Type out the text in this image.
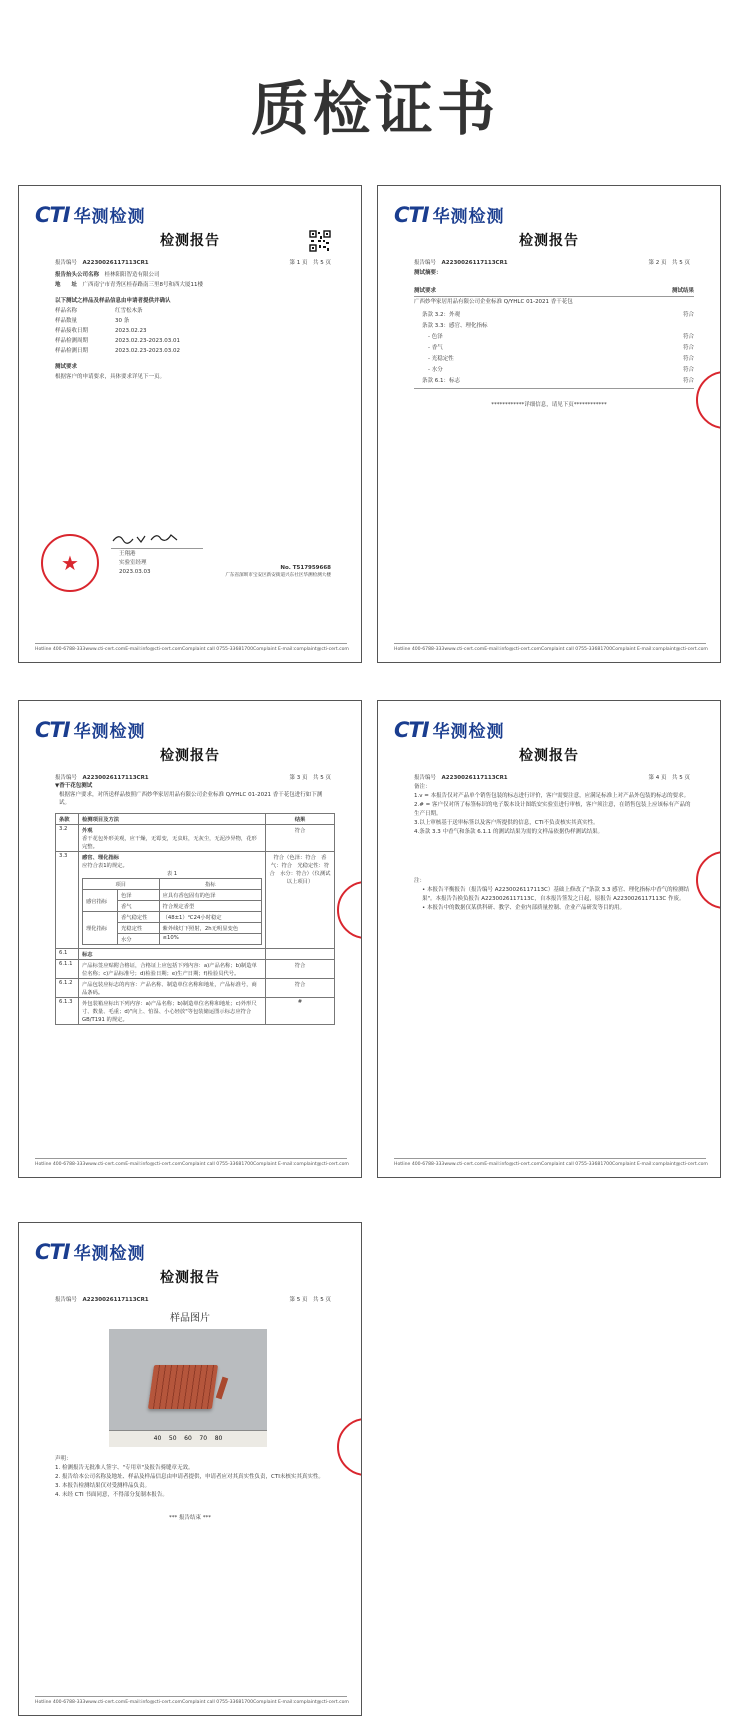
质检证书
CTI 华测检测
检测报告
报告编号　 A2230026117113CR1	第 1 页　 共 5 页
报告抬头公司名称　 桂林阳阳智造有限公司
地　　址　 广西南宁市青秀区桂春路南三里8号和西大厦11楼
以下测试之样品及样品信息由申请者提供并确认
样品名称	红雪松木条
样品数量	30 条
样品接收日期	2023.02.23
样品检测周期	2023.02.23-2023.03.01
样品检测日期	2023.02.23-2023.03.02
测试要求
根据客户的申请要求，具体要求详见下一页。
王翔港
实验室经理
2023.03.03
No. T517959668
广东省深圳市宝安区新安街道兴东社区华测检测大楼
★
Hotline 400-6788-333 www.cti-cert.com E-mail:info@cti-cert.com Complaint call 0755-33681700 Complaint E-mail:complaint@cti-cert.com
CTI 华测检测
检测报告
报告编号　 A2230026117113CR1	第 2 页　 共 5 页
测试摘要：
测试要求	测试结果
广西妙华家居用品有限公司企业标准 Q/YHLC 01-2021 香干花包
条款 3.2：外观	符合
条款 3.3：感官、理化指标
- 色泽	符合
- 香气	符合
- 光稳定性	符合
- 水分	符合
条款 6.1：标志	符合
************详细信息，请见下页************
Hotline 400-6788-333 www.cti-cert.com E-mail:info@cti-cert.com Complaint call 0755-33681700 Complaint E-mail:complaint@cti-cert.com
CTI 华测检测
检测报告
报告编号　 A2230026117113CR1	第 3 页　 共 5 页
▼香干花包测试
根据客户要求，对所送样品按照广西妙华家居用品有限公司企业标准 Q/YHLC 01-2021 香干花包进行如下测试。
条款	检测项目及方法	结果
3.2	外观
香干花包外形美观，应干燥，无霉变，无虫蛀，无灰尘，无泥沙异物，花形完整。	符合
3.3	感官、理化指标
应符合表1的规定。
表 1
项目	指标
感官指标	色泽	应具有香包固有的色泽
香气	符合规定香型
理化指标	香气稳定性	（48±1）℃24小时稳定
光稳定性	紫外线灯下照射，2h无明显变色
水分	≤10%
	符合（色泽：符合　香气：符合　光稳定性：符合　水分：符合）（仪测试以上项目）
6.1	标志	
6.1.1	产品标签应贴附合格证，合格证上应包括下列内容：a)产品名称；b)制造单位名称；c)产品标准号；d)检验日期；e)生产日期；f)检验员代号。	符合
6.1.2	产品包装应标志的内容：产品名称、制造单位名称和地址，产品标准号，商品条码。	符合
6.1.3	外包装箱应标出下列内容：a)产品名称；b)制造单位名称和地址；c)外形尺寸、数量、毛重；d)"向上、怕湿、小心轻放"等包装储运图示标志应符合 GB/T191 的规定。	#
Hotline 400-6788-333 www.cti-cert.com E-mail:info@cti-cert.com Complaint call 0755-33681700 Complaint E-mail:complaint@cti-cert.com
CTI 华测检测
检测报告
报告编号　 A2230026117113CR1	第 4 页　 共 5 页
备注：
1.v = 本报告仅对产品单个销售包装的标志进行评价，客户需要注意，应满足标准上对产品外包装的标志的要求。
2.# = 客户仅对所了标签标识的电子版本设计图纸安实验室进行审核，客户须注意，在销售包装上应该标有产品的生产日期。
3.以上审核基于送审标签以及客户所提供的信息，CTI不负责核实其真实性。
4.条款 3.3 中香气和条款 6.1.1 的测试结果为需的文样品依据伪样测试结果。
注：
• 本报告平衡报告（报告编号 A2230026117113C）基础上修改了"条款 3.3 感官、理化指标中香气的检测结果"。本报告告换负报告 A2230026117113C，自本报告签发之日起，原报告 A2230026117113C 作废。
• 本报告中的数据仅某供科研、教学、企业内部质量控制、企业产品研发等目的用。
Hotline 400-6788-333 www.cti-cert.com E-mail:info@cti-cert.com Complaint call 0755-33681700 Complaint E-mail:complaint@cti-cert.com
CTI 华测检测
检测报告
报告编号　 A2230026117113CR1	第 5 页　 共 5 页
样品图片
40    50    60    70    80
声明：
1. 检测报告无批准人签字、"专用章"及报告骑缝章无效。
2. 报告给本公司名称及地址、样品及样品信息由申请者提供，申请者应对其真实性负责，CTI未核实其真实性。
3. 本报告检测结果仅对受测样品负责。
4. 未经 CTI 书面同意，不得部分复制本报告。
*** 报告结束 ***
Hotline 400-6788-333 www.cti-cert.com E-mail:info@cti-cert.com Complaint call 0755-33681700 Complaint E-mail:complaint@cti-cert.com
